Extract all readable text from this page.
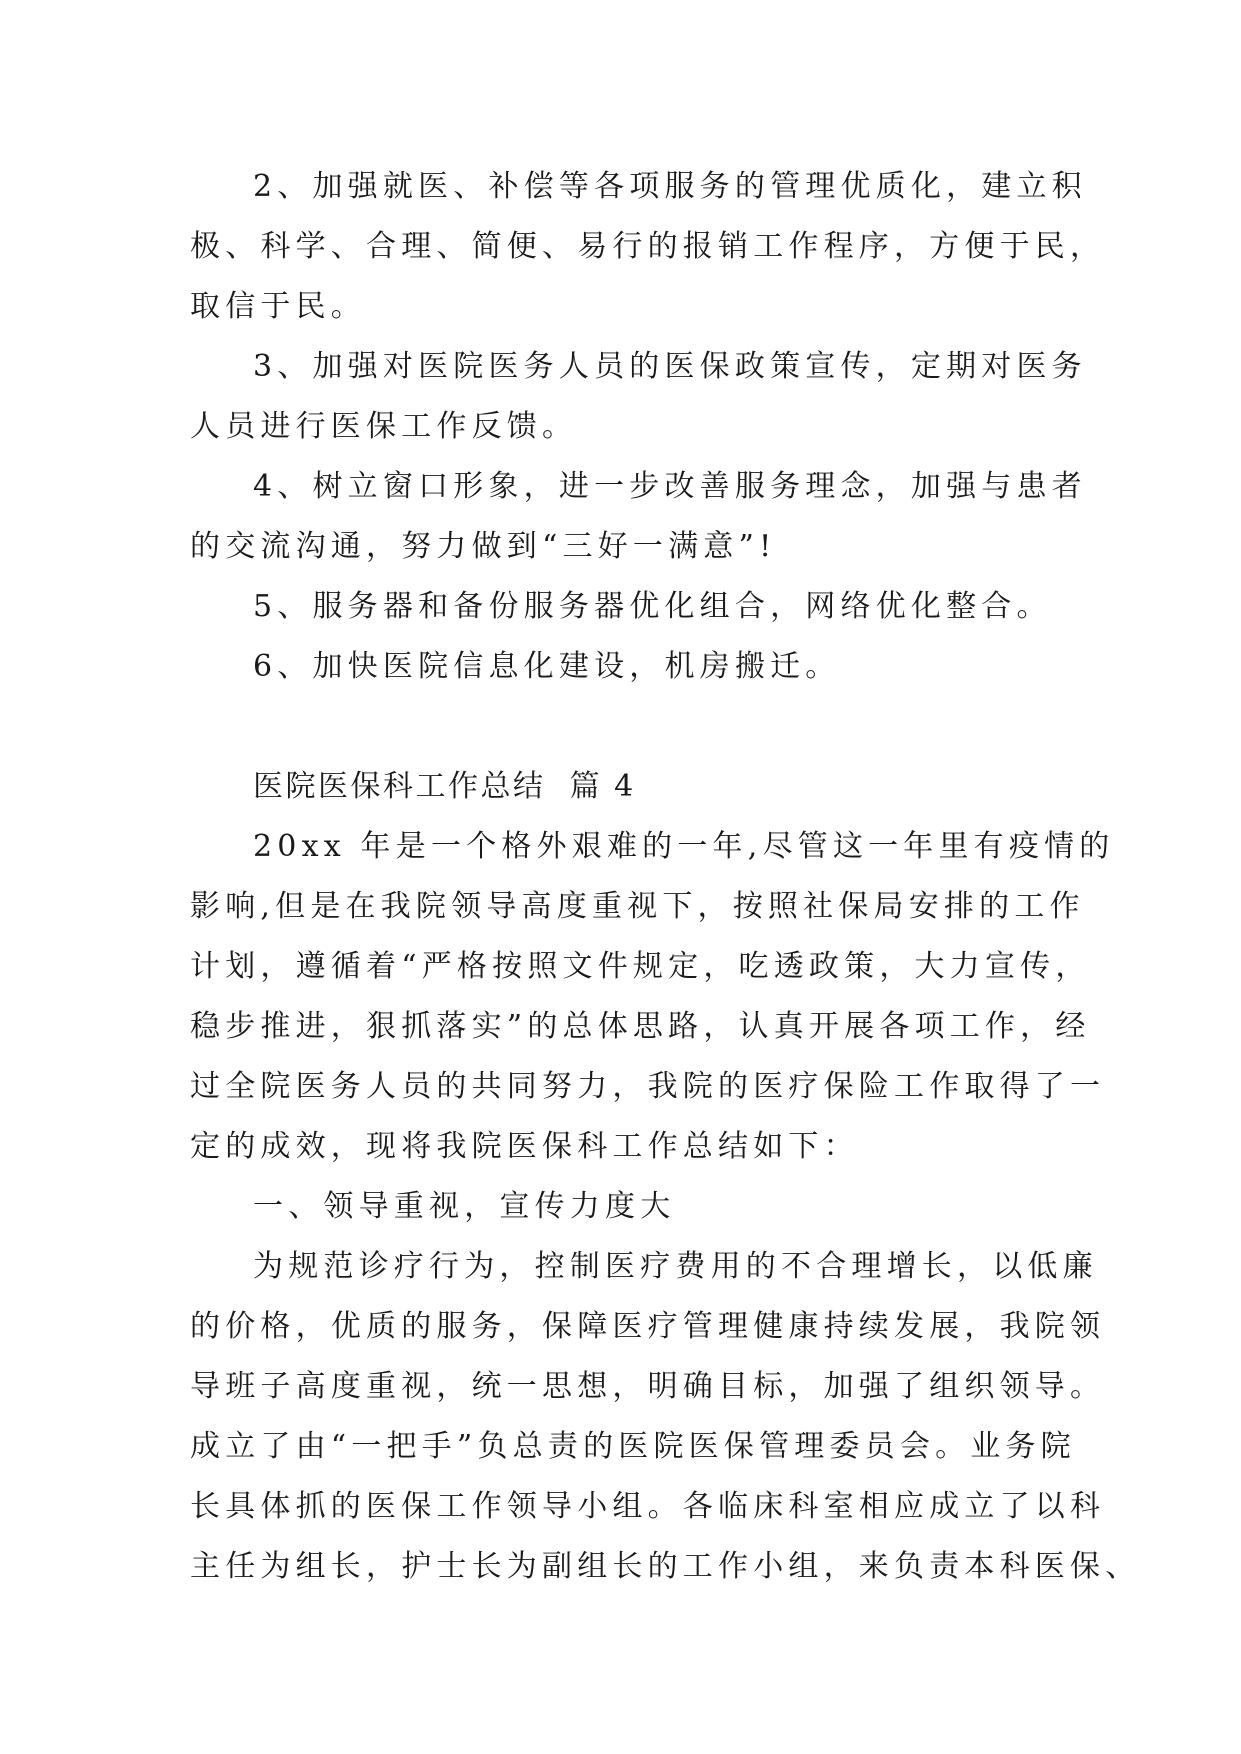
2、加强就医、补偿等各项服务的管理优质化，建立积
极、科学、合理、简便、易行的报销工作程序，方便于民，
取信于民。
3、加强对医院医务人员的医保政策宣传，定期对医务
人员进行医保工作反馈。
4、树立窗口形象，进一步改善服务理念，加强与患者
的交流沟通，努力做到“三好一满意”!
5、服务器和备份服务器优化组合，网络优化整合。
6、加快医院信息化建设，机房搬迁。
医院医保科工作总结  篇 4
20xx 年是一个格外艰难的一年,尽管这一年里有疫情的
影响,但是在我院领导高度重视下，按照社保局安排的工作
计划，遵循着“严格按照文件规定，吃透政策，大力宣传，
稳步推进，狠抓落实”的总体思路，认真开展各项工作，经
过全院医务人员的共同努力，我院的医疗保险工作取得了一
定的成效，现将我院医保科工作总结如下：
一、领导重视，宣传力度大
为规范诊疗行为，控制医疗费用的不合理增长，以低廉
的价格，优质的服务，保障医疗管理健康持续发展，我院领
导班子高度重视，统一思想，明确目标，加强了组织领导。
成立了由“一把手”负总责的医院医保管理委员会。业务院
长具体抓的医保工作领导小组。各临床科室相应成立了以科
主任为组长，护士长为副组长的工作小组，来负责本科医保、
